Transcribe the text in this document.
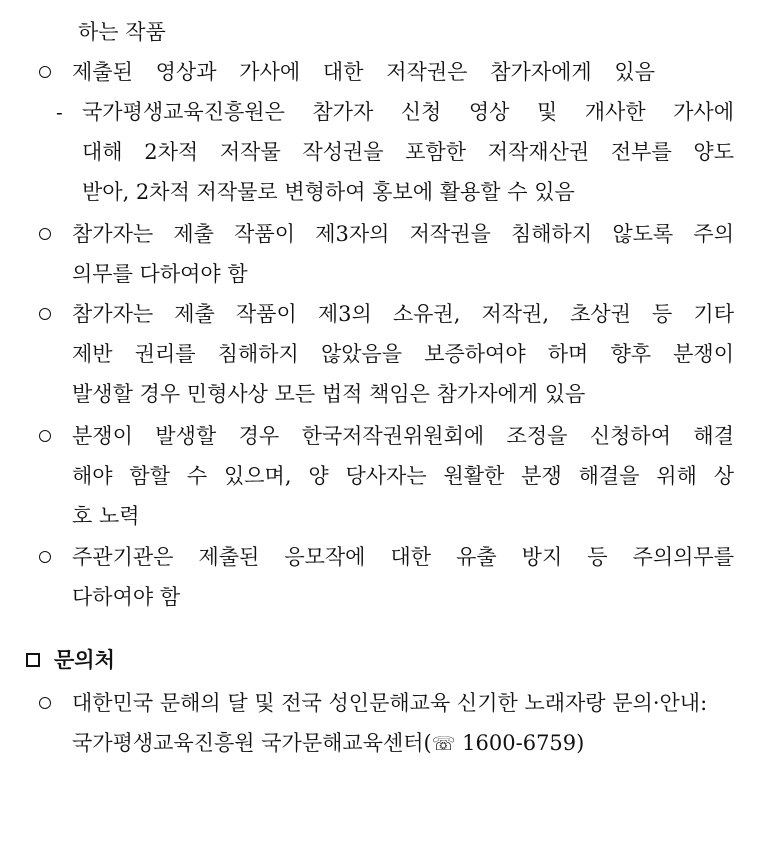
하는 작품
제출된 영상과 가사에 대한 저작권은 참가자에게 있음
- 국가평생교육진흥원은 참가자 신청 영상 및 개사한 가사에
대해 2차적 저작물 작성권을 포함한 저작재산권 전부를 양도
받아, 2차적 저작물로 변형하여 홍보에 활용할 수 있음
참가자는 제출 작품이 제3자의 저작권을 침해하지 않도록 주의
의무를 다하여야 함
참가자는 제출 작품이 제3의 소유권, 저작권, 초상권 등 기타
제반 권리를 침해하지 않았음을 보증하여야 하며 향후 분쟁이
발생할 경우 민형사상 모든 법적 책임은 참가자에게 있음
분쟁이 발생할 경우 한국저작권위원회에 조정을 신청하여 해결
해야 함할 수 있으며, 양 당사자는 원활한 분쟁 해결을 위해 상
호 노력
주관기관은 제출된 응모작에 대한 유출 방지 등 주의의무를
다하여야 함
문의처
대한민국 문해의 달 및 전국 성인문해교육 신기한 노래자랑 문의·안내:
국가평생교육진흥원 국가문해교육센터(☏ 1600-6759)
